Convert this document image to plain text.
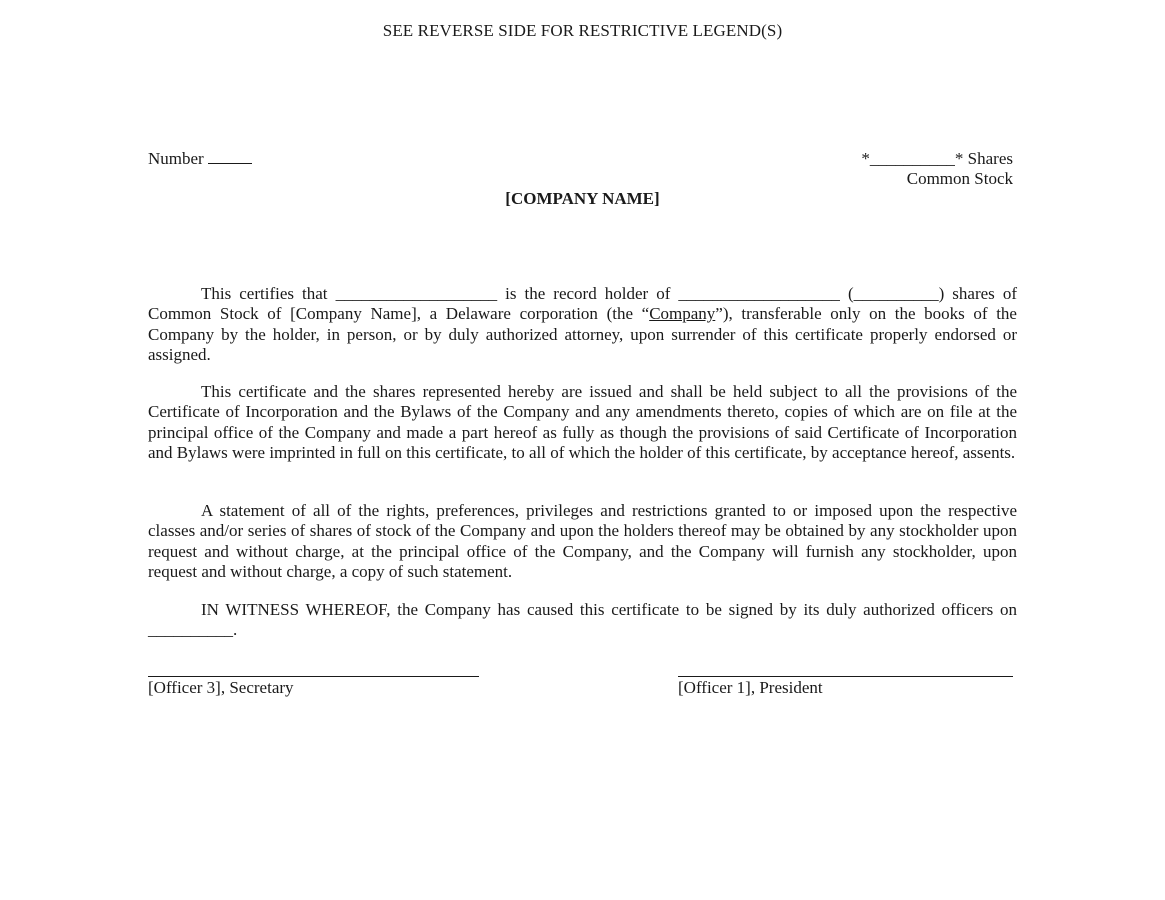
SEE REVERSE SIDE FOR RESTRICTIVE LEGEND(S)
Number	*__________* Shares
Common Stock
[COMPANY NAME]

This certifies that ___________________ is the record holder of ___________________ (__________) shares of Common Stock of [Company Name], a Delaware corporation (the “Company”), transferable only on the books of the Company by the holder, in person, or by duly authorized attorney, upon surrender of this certificate properly endorsed or assigned.

This certificate and the shares represented hereby are issued and shall be held subject to all the provisions of the Certificate of Incorporation and the Bylaws of the Company and any amendments thereto, copies of which are on file at the principal office of the Company and made a part hereof as fully as though the provisions of said Certificate of Incorporation and Bylaws were imprinted in full on this certificate, to all of which the holder of this certificate, by acceptance hereof, assents.

A statement of all of the rights, preferences, privileges and restrictions granted to or imposed upon the respective classes and/or series of shares of stock of the Company and upon the holders thereof may be obtained by any stockholder upon request and without charge, at the principal office of the Company, and the Company will furnish any stockholder, upon request and without charge, a copy of such statement.

IN WITNESS WHEREOF, the Company has caused this certificate to be signed by its duly authorized officers on __________.

[Officer 3], Secretary	[Officer 1], President
